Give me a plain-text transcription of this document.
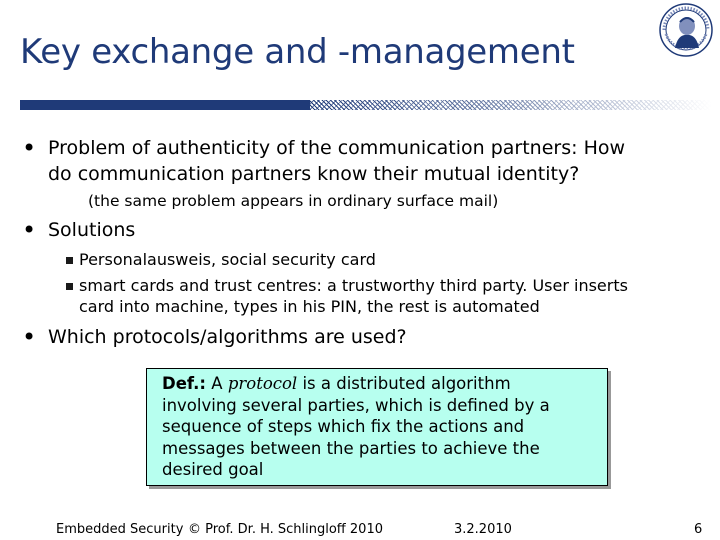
Key exchange and -management
• Problem of authenticity of the communication partners: How
do communication partners know their mutual identity?
(the same problem appears in ordinary surface mail)
• Solutions
Personalausweis, social security card
smart cards and trust centres: a trustworthy third party. User inserts
card into machine, types in his PIN, the rest is automated
• Which protocols/algorithms are used?
Def.: A protocol is a distributed algorithm
involving several parties, which is defined by a
sequence of steps which fix the actions and
messages between the parties to achieve the
desired goal
Embedded Security © Prof. Dr. H. Schlingloff 2010	3.2.2010	6
